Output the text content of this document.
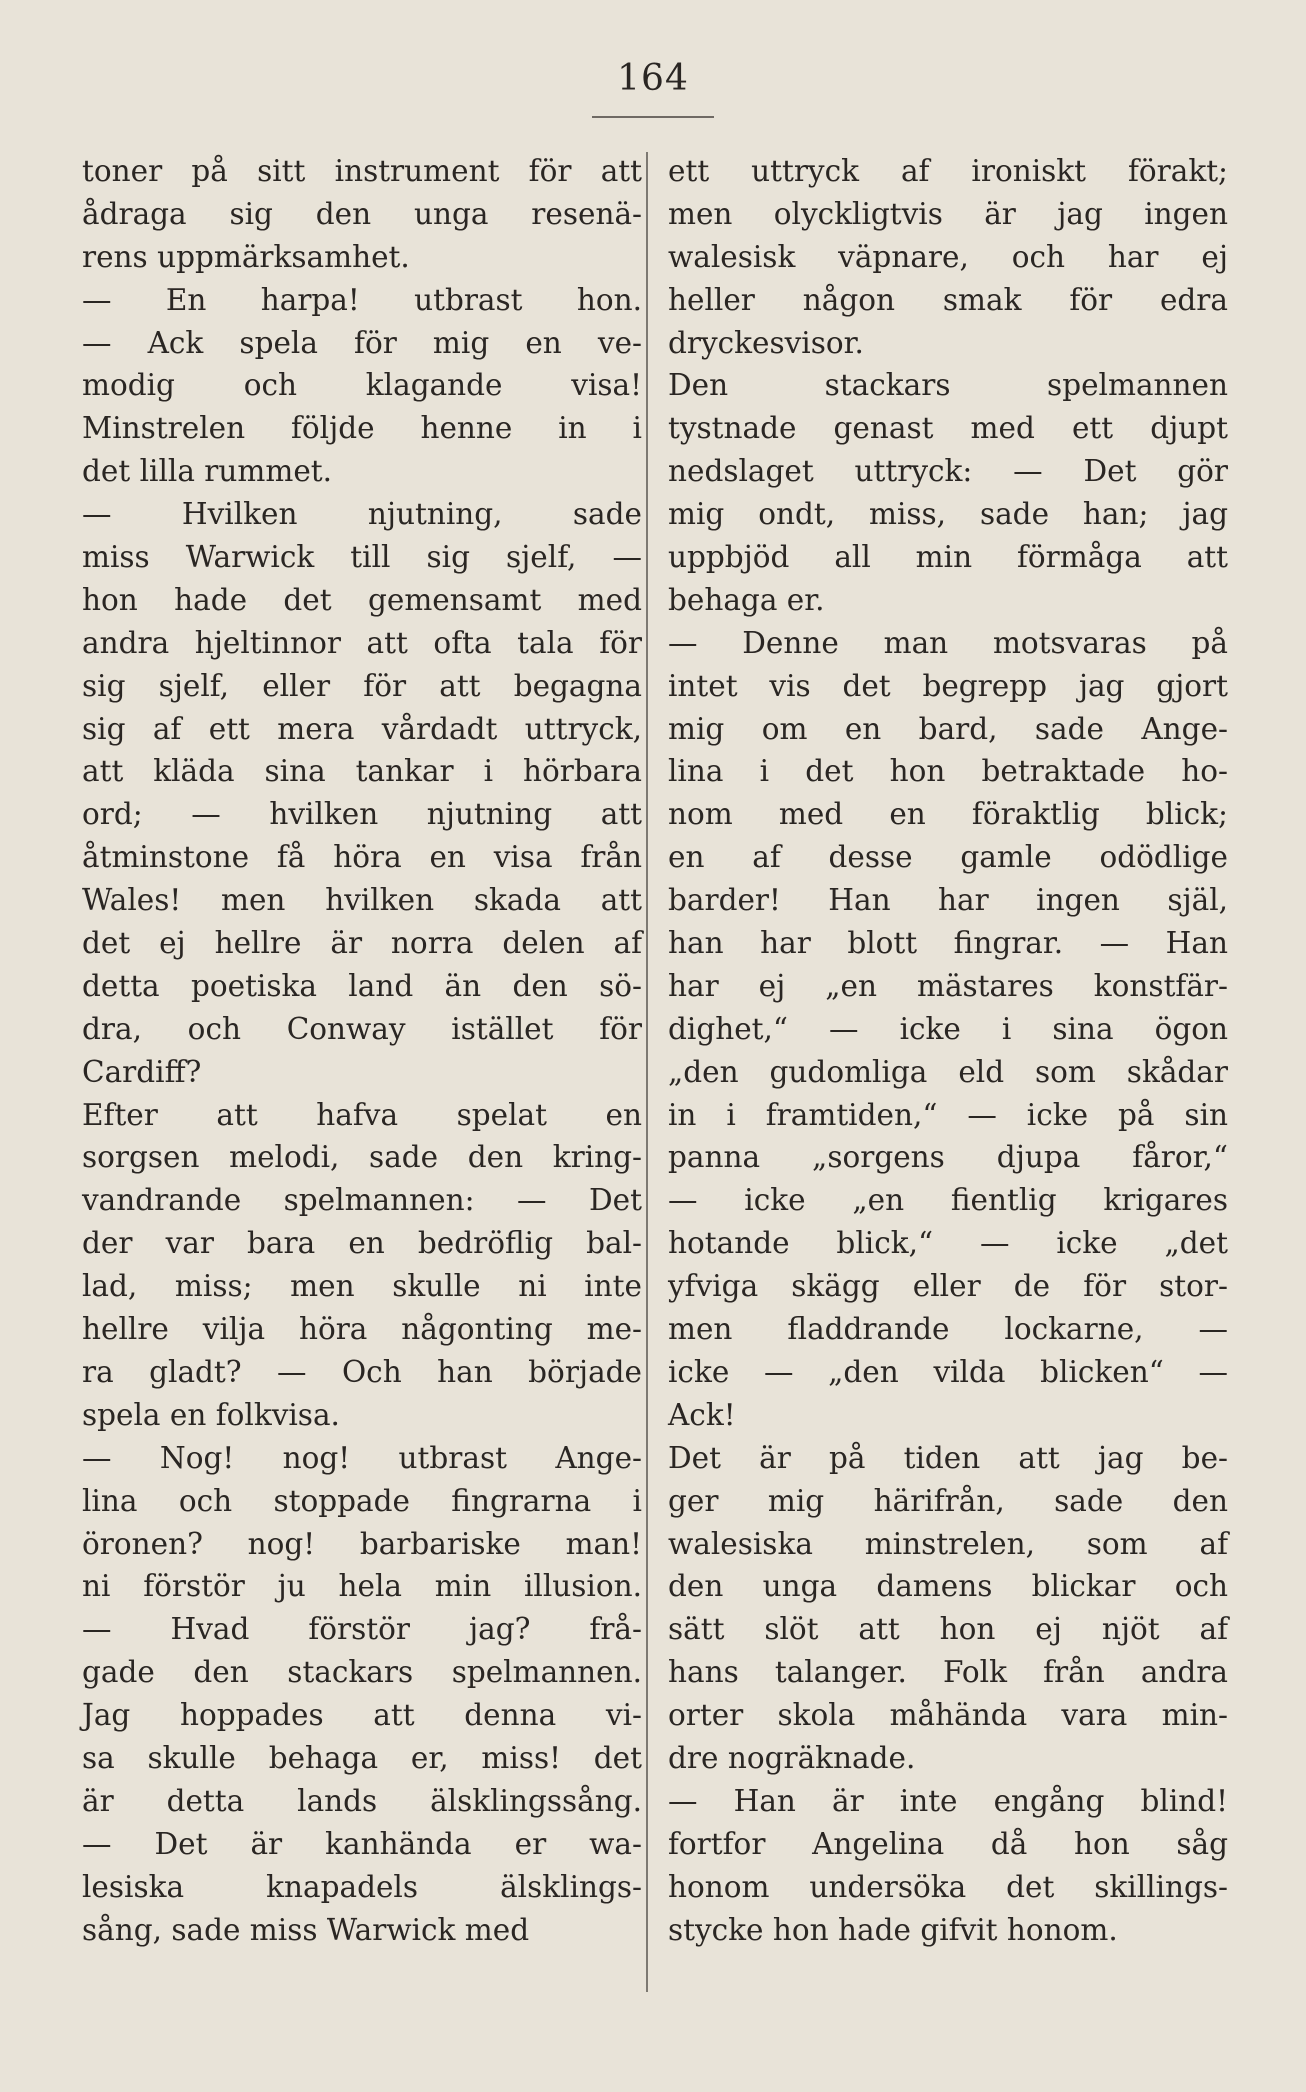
164
toner på sitt instrument för att
ådraga sig den unga resenä-
rens uppmärksamhet.
— En harpa! utbrast hon.
— Ack spela för mig en ve-
modig och klagande visa!
Minstrelen följde henne in i
det lilla rummet.
— Hvilken njutning, sade
miss Warwick till sig sjelf, —
hon hade det gemensamt med
andra hjeltinnor att ofta tala för
sig sjelf, eller för att begagna
sig af ett mera vårdadt uttryck,
att kläda sina tankar i hörbara
ord; — hvilken njutning att
åtminstone få höra en visa från
Wales! men hvilken skada att
det ej hellre är norra delen af
detta poetiska land än den sö-
dra, och Conway istället för
Cardiff?
Efter att hafva spelat en
sorgsen melodi, sade den kring-
vandrande spelmannen: — Det
der var bara en bedröflig bal-
lad, miss; men skulle ni inte
hellre vilja höra någonting me-
ra gladt? — Och han började
spela en folkvisa.
— Nog! nog! utbrast Ange-
lina och stoppade fingrarna i
öronen? nog! barbariske man!
ni förstör ju hela min illusion.
— Hvad förstör jag? frå-
gade den stackars spelmannen.
Jag hoppades att denna vi-
sa skulle behaga er, miss! det
är detta lands älsklingssång.
— Det är kanhända er wa-
lesiska knapadels älsklings-
sång, sade miss Warwick med
ett uttryck af ironiskt förakt;
men olyckligtvis är jag ingen
walesisk väpnare, och har ej
heller någon smak för edra
dryckesvisor.
Den stackars spelmannen
tystnade genast med ett djupt
nedslaget uttryck: — Det gör
mig ondt, miss, sade han; jag
uppbjöd all min förmåga att
behaga er.
— Denne man motsvaras på
intet vis det begrepp jag gjort
mig om en bard, sade Ange-
lina i det hon betraktade ho-
nom med en föraktlig blick;
en af desse gamle odödlige
barder! Han har ingen själ,
han har blott fingrar. — Han
har ej „en mästares konstfär-
dighet,“ — icke i sina ögon
„den gudomliga eld som skådar
in i framtiden,“ — icke på sin
panna „sorgens djupa fåror,“
— icke „en fientlig krigares
hotande blick,“ — icke „det
yfviga skägg eller de för stor-
men fladdrande lockarne, —
icke — „den vilda blicken“ —
Ack!
Det är på tiden att jag be-
ger mig härifrån, sade den
walesiska minstrelen, som af
den unga damens blickar och
sätt slöt att hon ej njöt af
hans talanger. Folk från andra
orter skola måhända vara min-
dre nogräknade.
— Han är inte engång blind!
fortfor Angelina då hon såg
honom undersöka det skillings-
stycke hon hade gifvit honom.
